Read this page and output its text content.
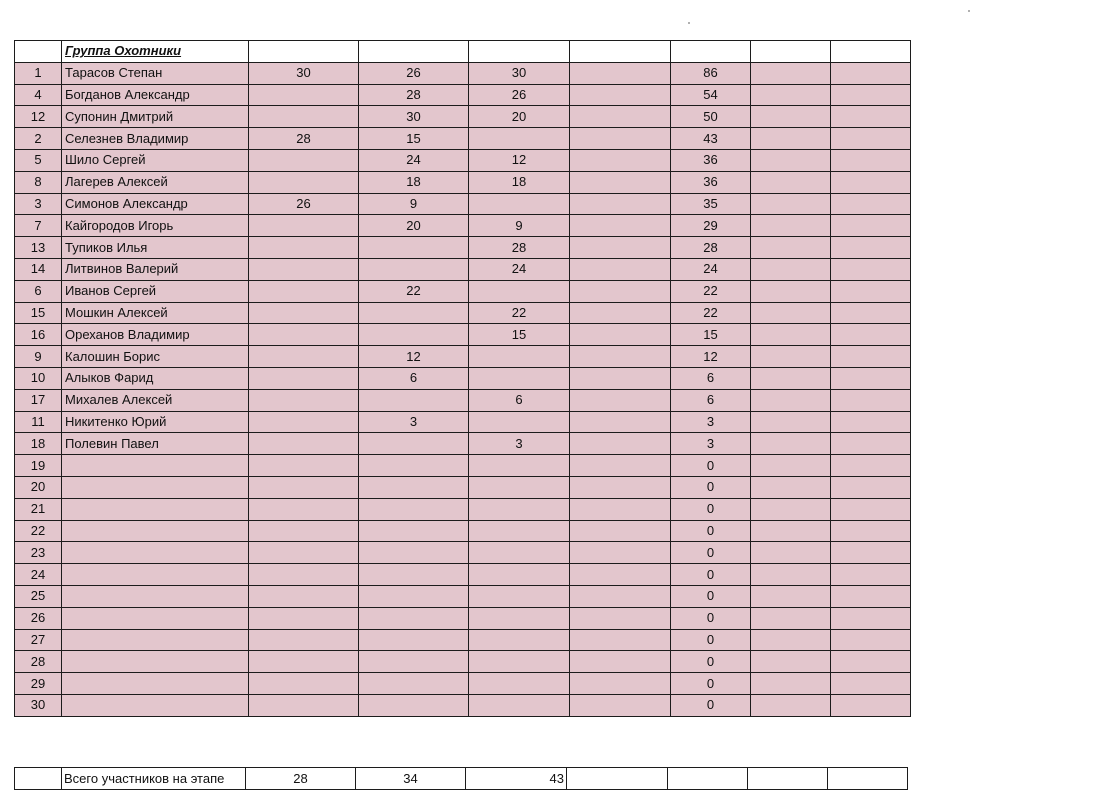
	Группа Охотники							
1	Тарасов Степан	30	26	30		86		
4	Богданов Александр		28	26		54		
12	Супонин Дмитрий		30	20		50		
2	Селезнев Владимир	28	15			43		
5	Шило Сергей		24	12		36		
8	Лагерев Алексей		18	18		36		
3	Симонов Александр	26	9			35		
7	Кайгородов Игорь		20	9		29		
13	Тупиков Илья			28		28		
14	Литвинов Валерий			24		24		
6	Иванов Сергей		22			22		
15	Мошкин Алексей			22		22		
16	Ореханов Владимир			15		15		
9	Калошин Борис		12			12		
10	Алыков Фарид		6			6		
17	Михалев Алексей			6		6		
11	Никитенко Юрий		3			3		
18	Полевин Павел			3		3		
19						0		
20						0		
21						0		
22						0		
23						0		
24						0		
25						0		
26						0		
27						0		
28						0		
29						0		
30						0		
	Всего участников на этапе	28	34	43				
